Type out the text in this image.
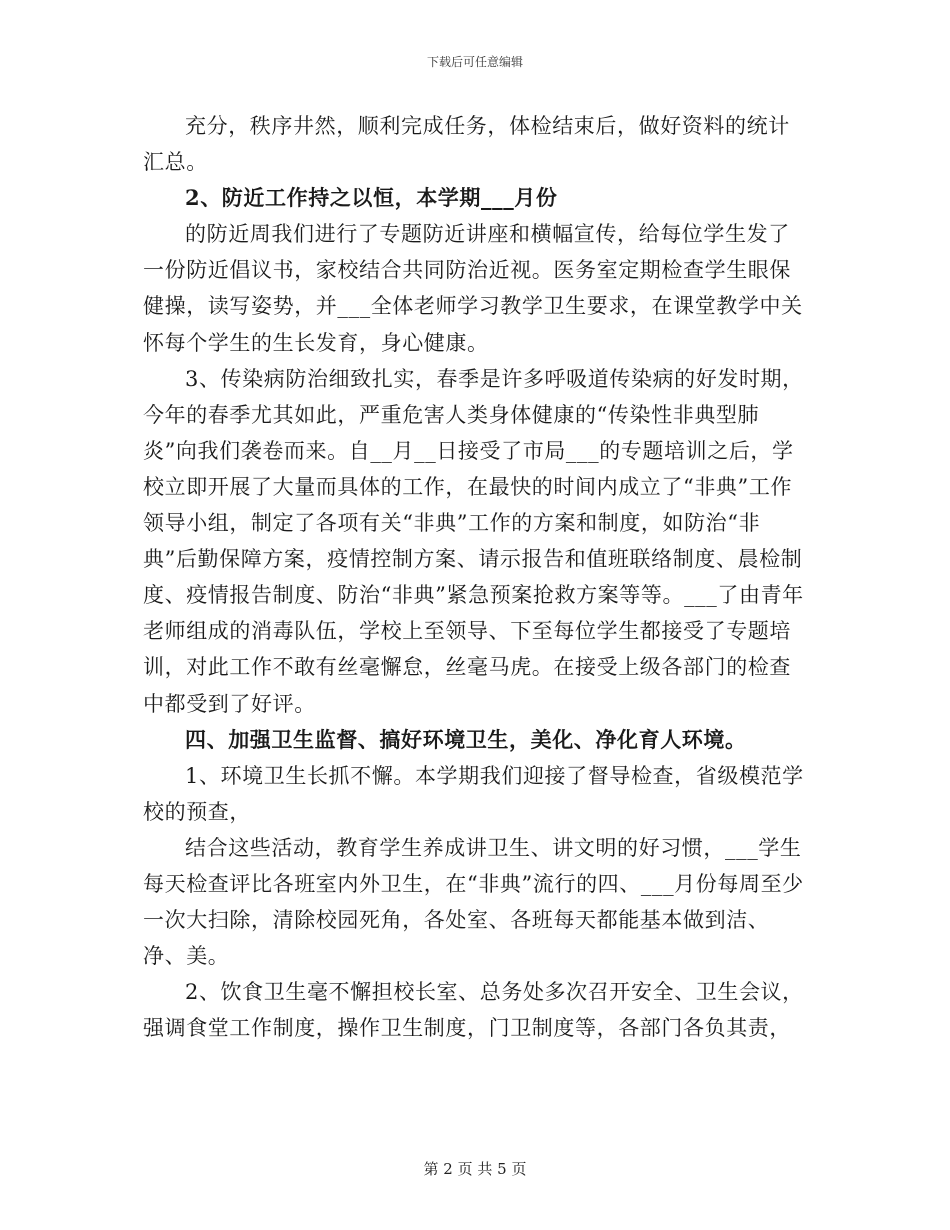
下载后可任意编辑

充分，秩序井然，顺利完成任务，体检结束后，做好资料的统计汇总。

2、防近工作持之以恒，本学期___月份

的防近周我们进行了专题防近讲座和横幅宣传，给每位学生发了一份防近倡议书，家校结合共同防治近视。医务室定期检查学生眼保健操，读写姿势，并___全体老师学习教学卫生要求，在课堂教学中关怀每个学生的生长发育，身心健康。

3、传染病防治细致扎实，春季是许多呼吸道传染病的好发时期，今年的春季尤其如此，严重危害人类身体健康的“传染性非典型肺炎”向我们袭卷而来。自__月__日接受了市局___的专题培训之后，学校立即开展了大量而具体的工作，在最快的时间内成立了“非典”工作领导小组，制定了各项有关“非典”工作的方案和制度，如防治“非典”后勤保障方案，疫情控制方案、请示报告和值班联络制度、晨检制度、疫情报告制度、防治“非典”紧急预案抢救方案等等。___了由青年老师组成的消毒队伍，学校上至领导、下至每位学生都接受了专题培训，对此工作不敢有丝毫懈怠，丝毫马虎。在接受上级各部门的检查中都受到了好评。

四、加强卫生监督、搞好环境卫生，美化、净化育人环境。

1、环境卫生长抓不懈。本学期我们迎接了督导检查，省级模范学校的预查，

结合这些活动，教育学生养成讲卫生、讲文明的好习惯，___学生每天检查评比各班室内外卫生，在“非典”流行的四、___月份每周至少一次大扫除，清除校园死角，各处室、各班每天都能基本做到洁、净、美。

2、饮食卫生毫不懈担校长室、总务处多次召开安全、卫生会议，强调食堂工作制度，操作卫生制度，门卫制度等，各部门各负其责，

第 2 页 共 5 页
